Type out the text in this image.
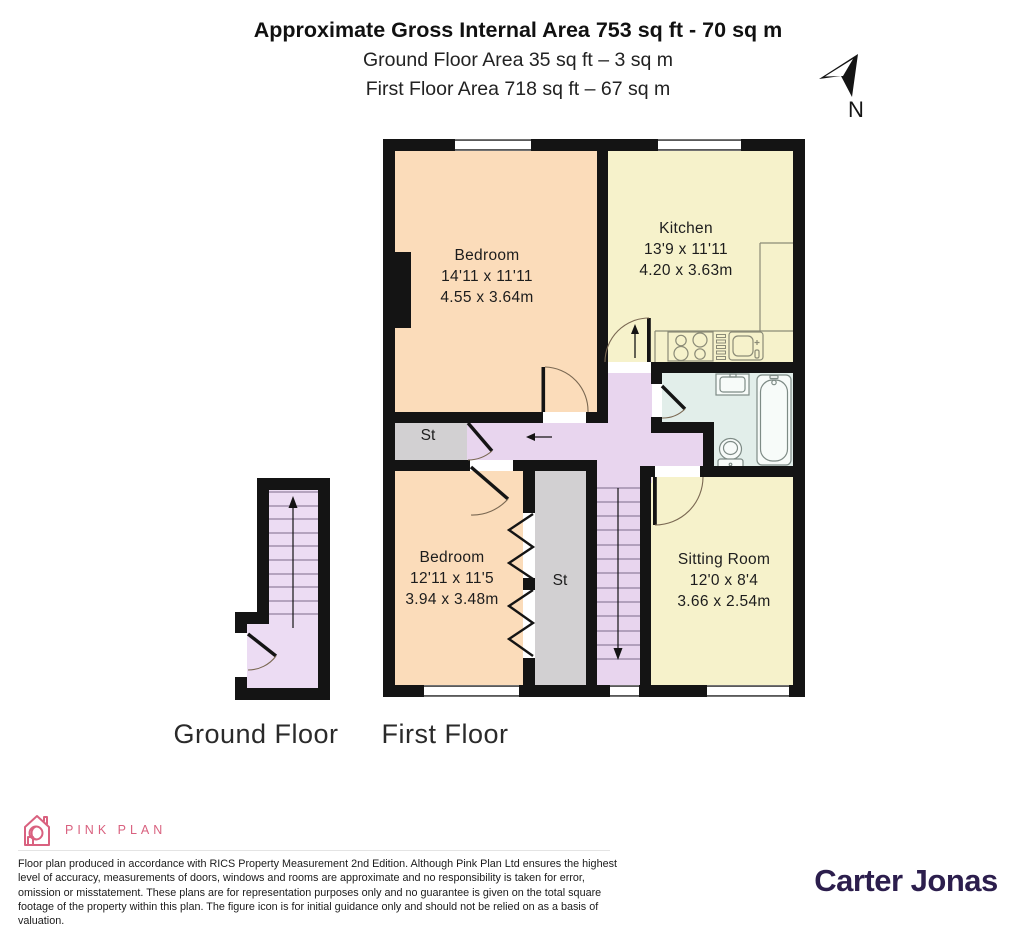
Approximate Gross Internal Area 753 sq ft - 70 sq m
Ground Floor Area 35 sq ft – 3 sq m
First Floor Area 718 sq ft – 67 sq m
N
Bedroom
14'11 x 11'11
4.55 x 3.64m
Kitchen
13'9 x 11'11
4.20 x 3.63m
Bedroom
12'11 x 11'5
3.94 x 3.48m
Sitting Room
12'0 x 8'4
3.66 x 2.54m
St
St
Ground Floor	First Floor
PINK PLAN
Floor plan produced in accordance with RICS Property Measurement 2nd Edition. Although Pink Plan Ltd ensures the highest level of accuracy, measurements of doors, windows and rooms are approximate and no responsibility is taken for error, omission or misstatement. These plans are for representation purposes only and no guarantee is given on the total square footage of the property within this plan. The figure icon is for initial guidance only and should not be relied on as a basis of valuation.
Carter Jonas
